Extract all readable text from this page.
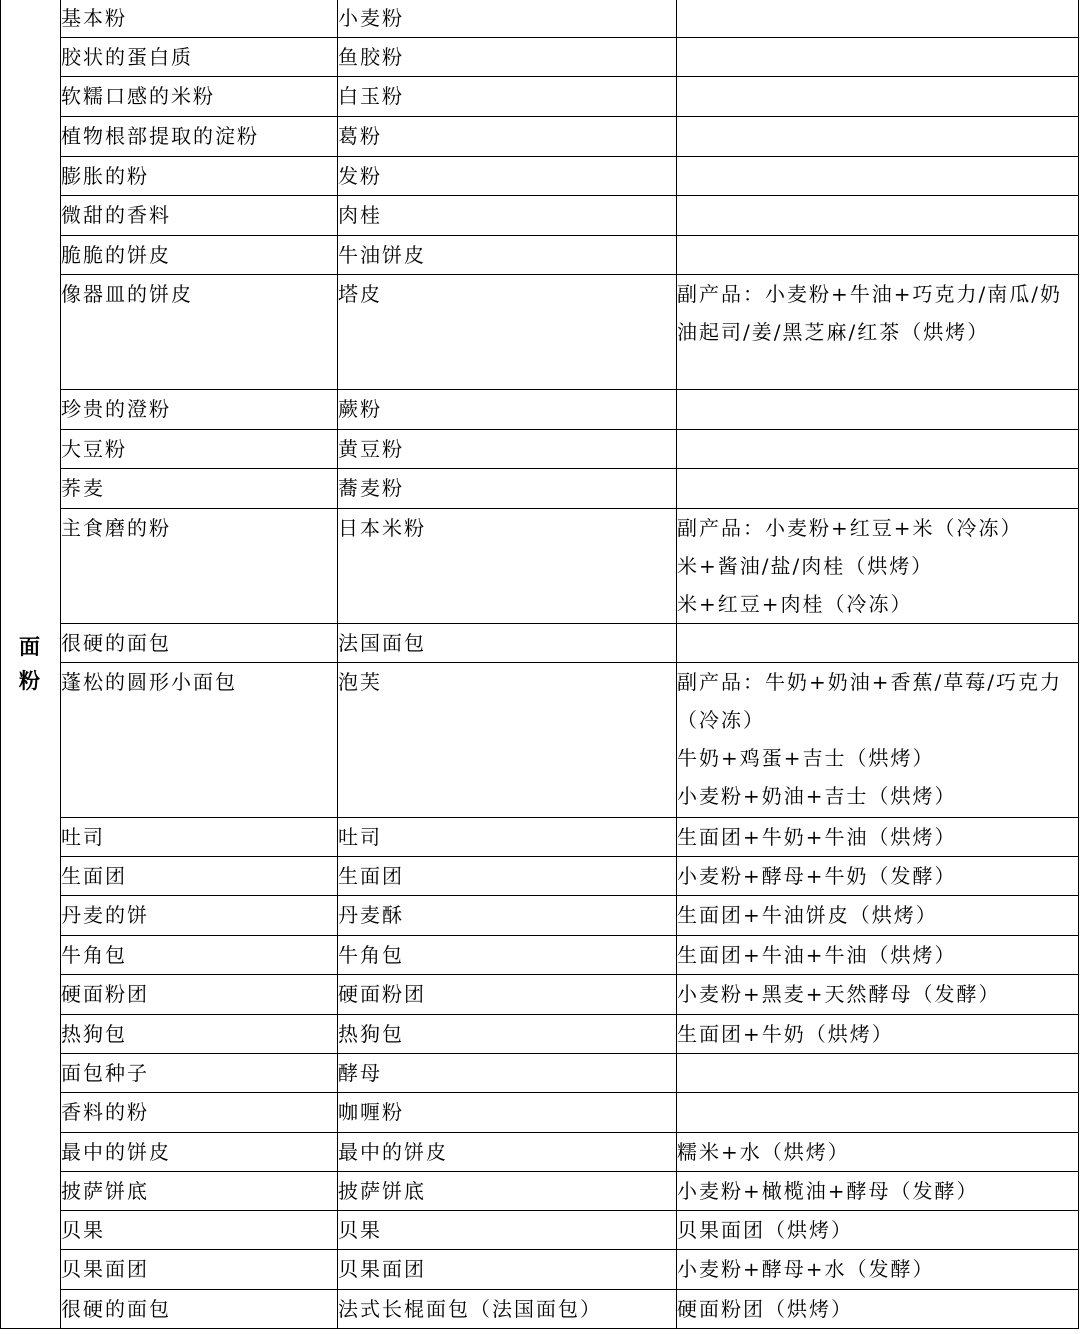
面粉	基本粉	小麦粉	
	胶状的蛋白质	鱼胶粉	
	软糯口感的米粉	白玉粉	
	植物根部提取的淀粉	葛粉	
	膨胀的粉	发粉	
	微甜的香料	肉桂	
	脆脆的饼皮	牛油饼皮	
	像器皿的饼皮	塔皮	副产品：小麦粉+牛油+巧克力/南瓜/奶油起司/姜/黑芝麻/红茶（烘烤）

	珍贵的澄粉	蕨粉	
	大豆粉	黄豆粉	
	荞麦	蕎麦粉	
	主食磨的粉	日本米粉	副产品：小麦粉+红豆+米（冷冻）
米+酱油/盐/肉桂（烘烤）
米+红豆+肉桂（冷冻）

	很硬的面包	法国面包	
	蓬松的圆形小面包	泡芙	副产品：牛奶+奶油+香蕉/草莓/巧克力（冷冻）
牛奶+鸡蛋+吉士（烘烤）
小麦粉+奶油+吉士（烘烤）

	吐司	吐司	生面团+牛奶+牛油（烘烤）

	生面团	生面团	小麦粉+酵母+牛奶（发酵）

	丹麦的饼	丹麦酥	生面团+牛油饼皮（烘烤）

	牛角包	牛角包	生面团+牛油+牛油（烘烤）

	硬面粉团	硬面粉团	小麦粉+黑麦+天然酵母（发酵）

	热狗包	热狗包	生面团+牛奶（烘烤）

	面包种子	酵母	
	香料的粉	咖喱粉	
	最中的饼皮	最中的饼皮	糯米+水（烘烤）

	披萨饼底	披萨饼底	小麦粉+橄榄油+酵母（发酵）

	贝果	贝果	贝果面团（烘烤）

	贝果面团	贝果面团	小麦粉+酵母+水（发酵）

	很硬的面包	法式长棍面包（法国面包）	硬面粉团（烘烤）
